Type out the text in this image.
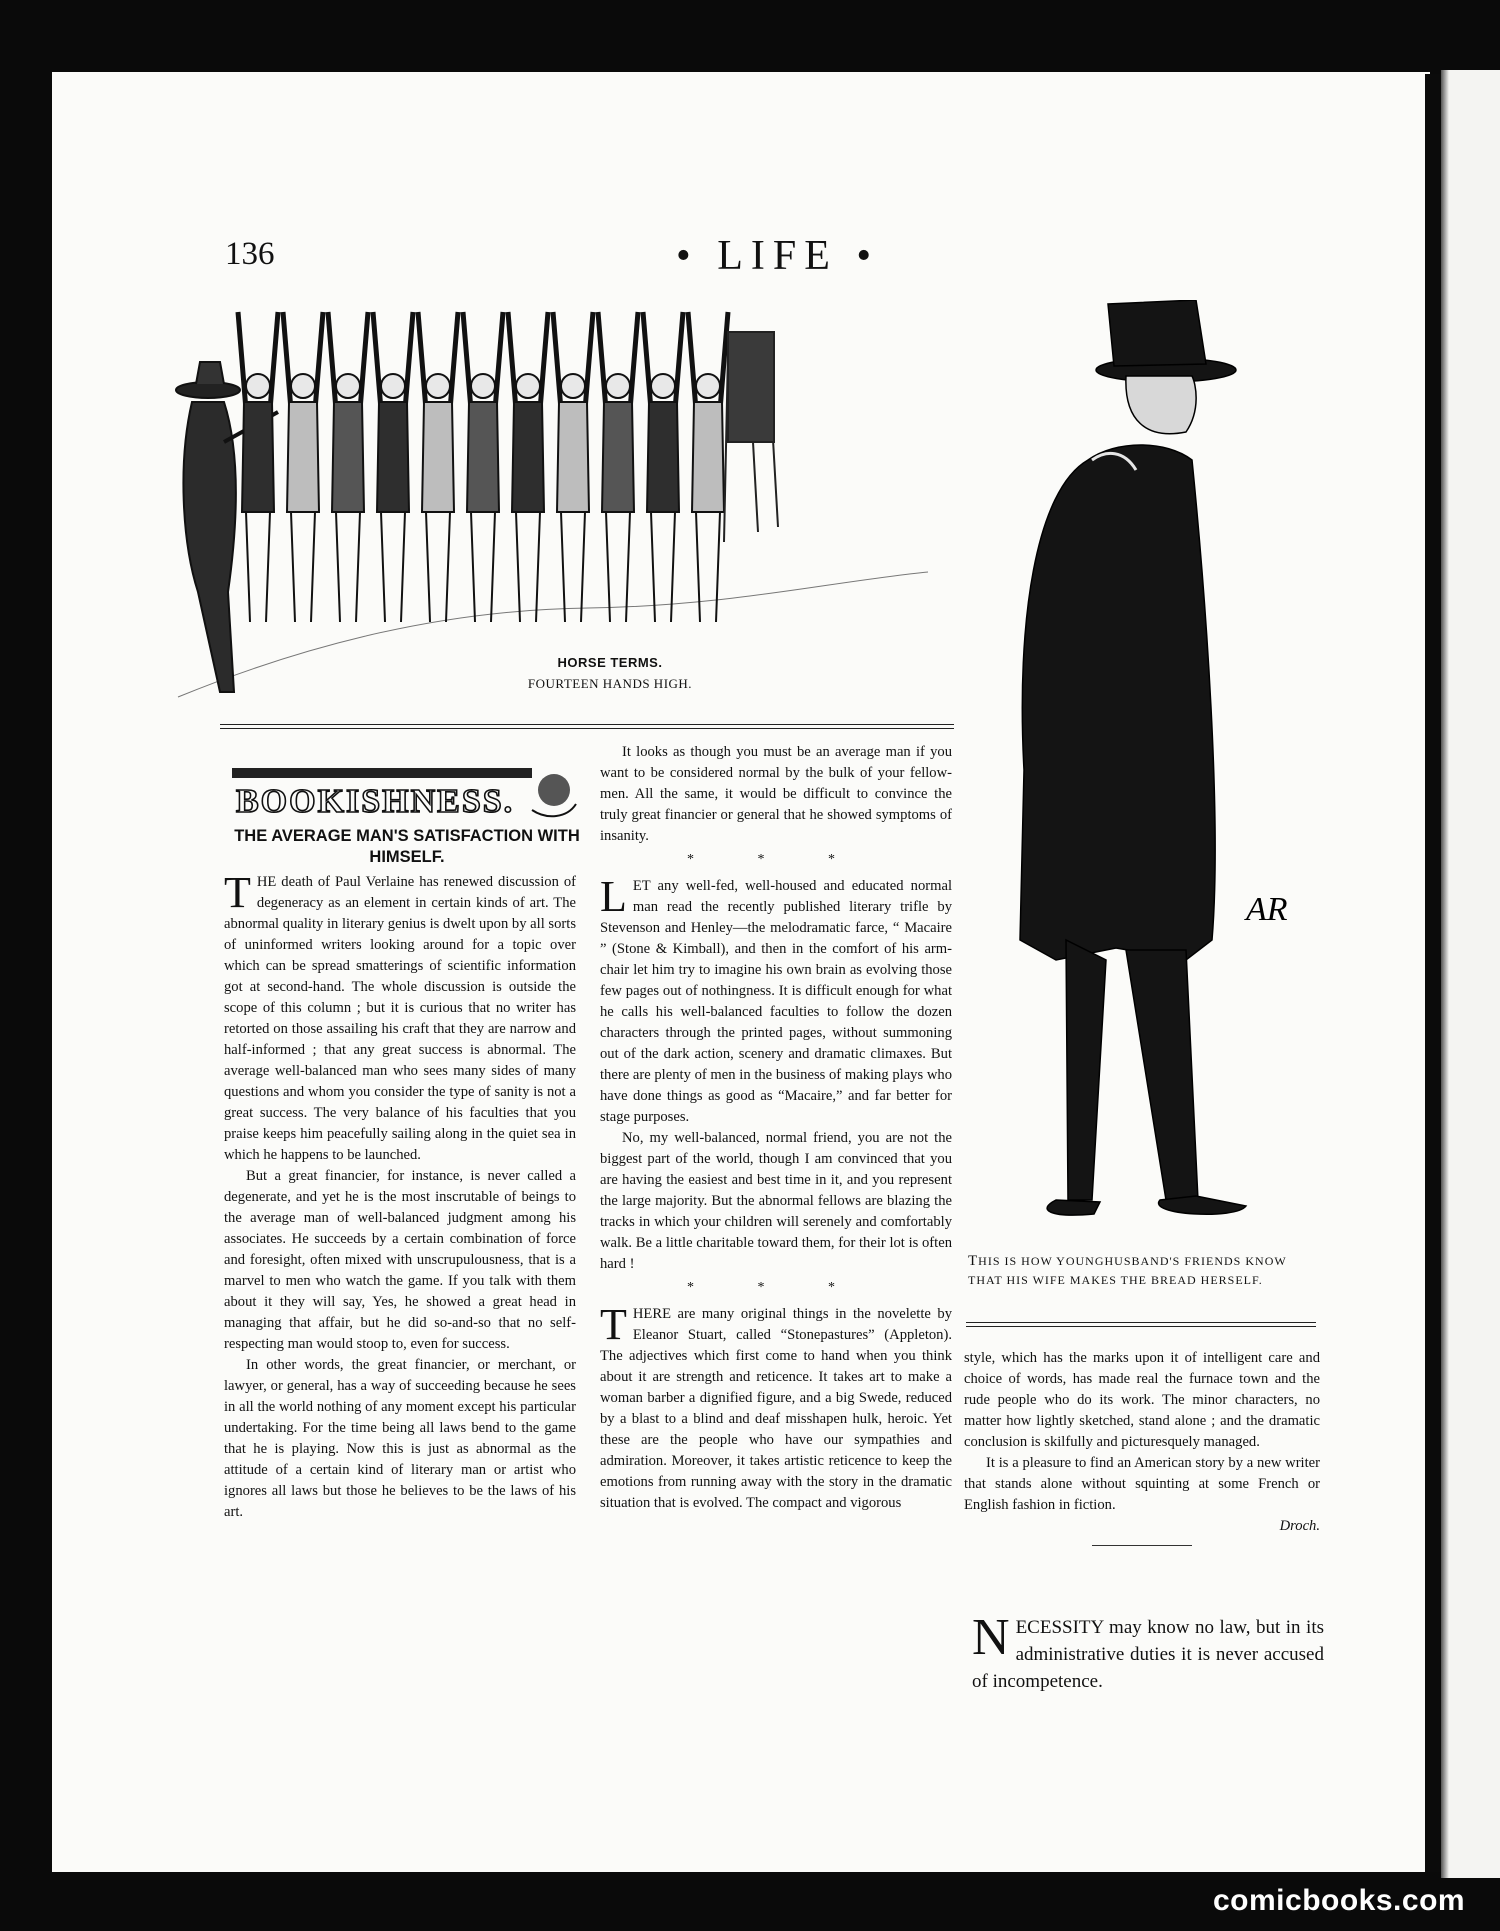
136	• LIFE •
HORSE TERMS.
FOURTEEN HANDS HIGH.
BOOKISHNESS.
THE AVERAGE MAN'S SATISFACTION WITH HIMSELF.

THE death of Paul Verlaine has renewed discussion of degeneracy as an element in certain kinds of art. The abnormal quality in literary genius is dwelt upon by all sorts of uninformed writers looking around for a topic over which can be spread smatterings of scientific information got at second-hand. The whole discussion is outside the scope of this column ; but it is curious that no writer has retorted on those assailing his craft that they are narrow and half-informed ; that any great success is abnormal. The average well-balanced man who sees many sides of many questions and whom you consider the type of sanity is not a great success. The very balance of his faculties that you praise keeps him peacefully sailing along in the quiet sea in which he happens to be launched.

But a great financier, for instance, is never called a degenerate, and yet he is the most inscrutable of beings to the average man of well-balanced judgment among his associates. He succeeds by a certain combination of force and foresight, often mixed with unscrupulousness, that is a marvel to men who watch the game. If you talk with them about it they will say, Yes, he showed a great head in managing that affair, but he did so-and-so that no self-respecting man would stoop to, even for success.

In other words, the great financier, or merchant, or lawyer, or general, has a way of succeeding because he sees in all the world nothing of any moment except his particular undertaking. For the time being all laws bend to the game that he is playing. Now this is just as abnormal as the attitude of a certain kind of literary man or artist who ignores all laws but those he believes to be the laws of his art.

It looks as though you must be an average man if you want to be considered normal by the bulk of your fellow-men. All the same, it would be difficult to convince the truly great financier or general that he showed symptoms of insanity.

* * *

LET any well-fed, well-housed and educated normal man read the recently published literary trifle by Stevenson and Henley—the melodramatic farce, “ Macaire ” (Stone & Kimball), and then in the comfort of his arm-chair let him try to imagine his own brain as evolving those few pages out of nothingness. It is difficult enough for what he calls his well-balanced faculties to follow the dozen characters through the printed pages, without summoning out of the dark action, scenery and dramatic climaxes. But there are plenty of men in the business of making plays who have done things as good as “Macaire,” and far better for stage purposes.

No, my well-balanced, normal friend, you are not the biggest part of the world, though I am convinced that you are having the easiest and best time in it, and you represent the large majority. But the abnormal fellows are blazing the tracks in which your children will serenely and comfortably walk. Be a little charitable toward them, for their lot is often hard !

* * *

THERE are many original things in the novelette by Eleanor Stuart, called “Stonepastures” (Appleton). The adjectives which first come to hand when you think about it are strength and reticence. It takes art to make a woman barber a dignified figure, and a big Swede, reduced by a blast to a blind and deaf misshapen hulk, heroic. Yet these are the people who have our sympathies and admiration. Moreover, it takes artistic reticence to keep the emotions from running away with the story in the dramatic situation that is evolved. The compact and vigorous

AR
THIS IS HOW YOUNGHUSBAND'S FRIENDS KNOW THAT HIS WIFE MAKES THE BREAD HERSELF.

style, which has the marks upon it of intelligent care and choice of words, has made real the furnace town and the rude people who do its work. The minor characters, no matter how lightly sketched, stand alone ; and the dramatic conclusion is skilfully and picturesquely managed.

It is a pleasure to find an American story by a new writer that stands alone without squinting at some French or English fashion in fiction.

Droch.

NECESSITY may know no law, but in its administrative duties it is never accused of incompetence.

comicbooks.com
